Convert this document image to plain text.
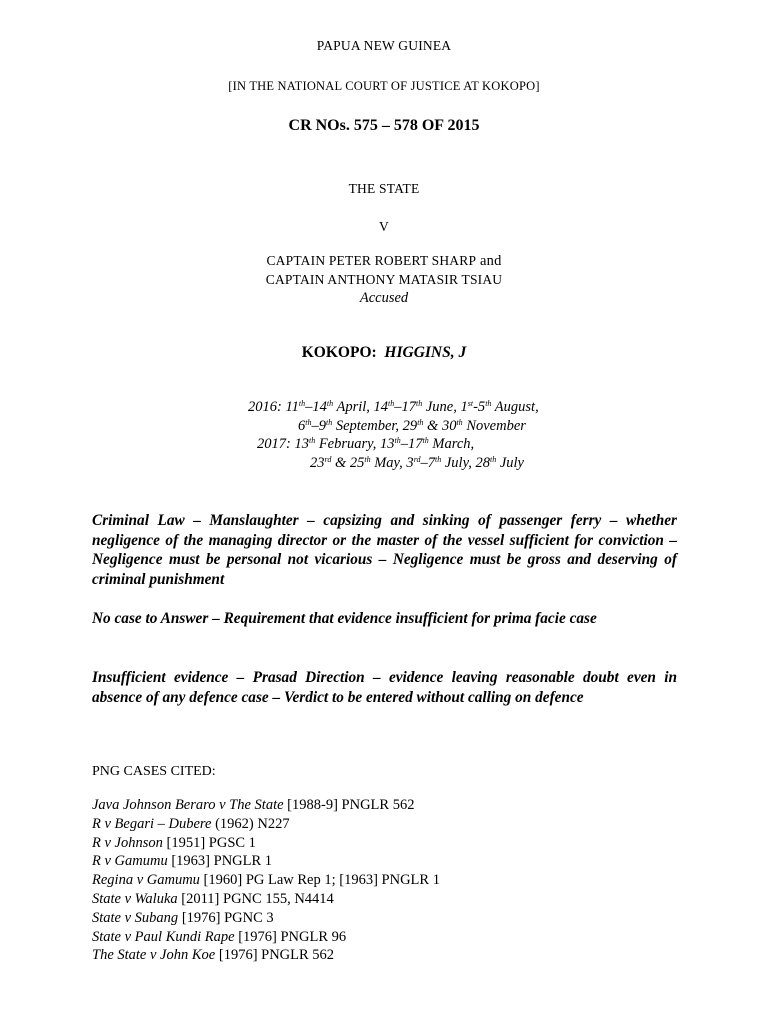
PAPUA NEW GUINEA
[IN THE NATIONAL COURT OF JUSTICE AT KOKOPO]
CR NOs. 575 – 578 OF 2015
THE STATE
V
CAPTAIN PETER ROBERT SHARP and
CAPTAIN ANTHONY MATASIR TSIAU
Accused
KOKOPO: HIGGINS, J
2016: 11th–14th April, 14th–17th June, 1st-5th August,
6th–9th September, 29th & 30th November
2017: 13th February, 13th–17th March,
23rd & 25th May, 3rd–7th July, 28th July
Criminal Law – Manslaughter – capsizing and sinking of passenger ferry – whether negligence of the managing director or the master of the vessel sufficient for conviction – Negligence must be personal not vicarious – Negligence must be gross and deserving of criminal punishment
No case to Answer – Requirement that evidence insufficient for prima facie case
Insufficient evidence – Prasad Direction – evidence leaving reasonable doubt even in absence of any defence case – Verdict to be entered without calling on defence
PNG CASES CITED:
Java Johnson Beraro v The State [1988-9] PNGLR 562
R v Begari – Dubere (1962) N227
R v Johnson [1951] PGSC 1
R v Gamumu [1963] PNGLR 1
Regina v Gamumu [1960] PG Law Rep 1; [1963] PNGLR 1
State v Waluka [2011] PGNC 155, N4414
State v Subang [1976] PGNC 3
State v Paul Kundi Rape [1976] PNGLR 96
The State v John Koe [1976] PNGLR 562
